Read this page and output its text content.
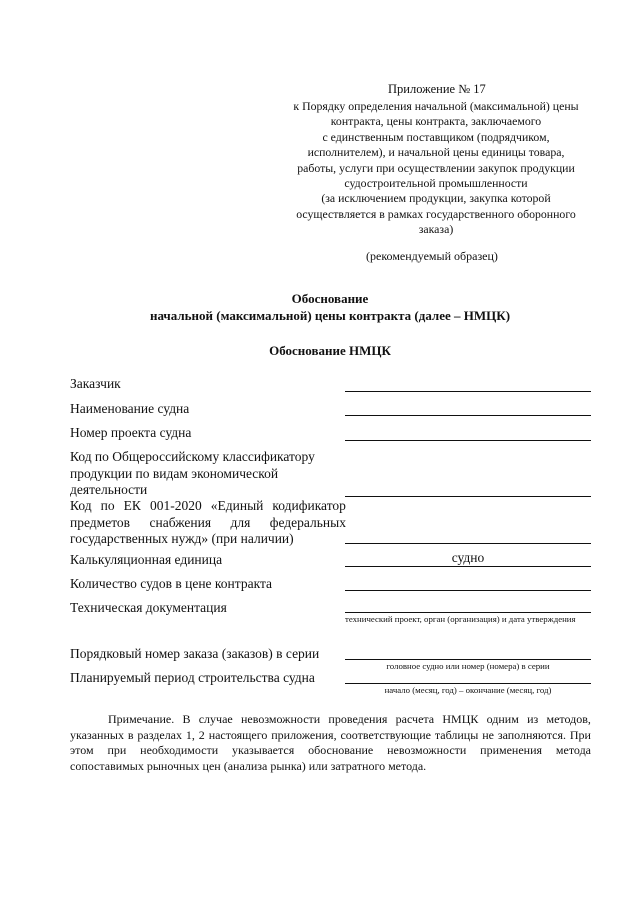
Приложение № 17
к Порядку определения начальной (максимальной) цены
контракта, цены контракта, заключаемого
с единственным поставщиком (подрядчиком,
исполнителем), и начальной цены единицы товара,
работы, услуги при осуществлении закупок продукции
судостроительной промышленности
(за исключением продукции, закупка которой
осуществляется в рамках государственного оборонного
заказа)
(рекомендуемый образец)
Обоснование
начальной (максимальной) цены контракта (далее – НМЦК)
Обоснование НМЦК
Заказчик
Наименование судна
Номер проекта судна
Код по Общероссийскому классификатору
продукции по видам экономической
деятельности
Код по ЕК 001-2020 «Единый кодификатор
предметов снабжения для федеральных
государственных нужд» (при наличии)
Калькуляционная единица	судно
Количество судов в цене контракта
Техническая документация
технический проект, орган (организация) и дата утверждения
Порядковый номер заказа (заказов) в серии
головное судно или номер (номера) в серии
Планируемый период строительства судна
начало (месяц, год) – окончание (месяц, год)
Примечание. В случае невозможности проведения расчета НМЦК одним из методов,
указанных в разделах 1, 2 настоящего приложения, соответствующие таблицы не заполняются. При
этом при необходимости указывается обоснование невозможности применения метода
сопоставимых рыночных цен (анализа рынка) или затратного метода.
